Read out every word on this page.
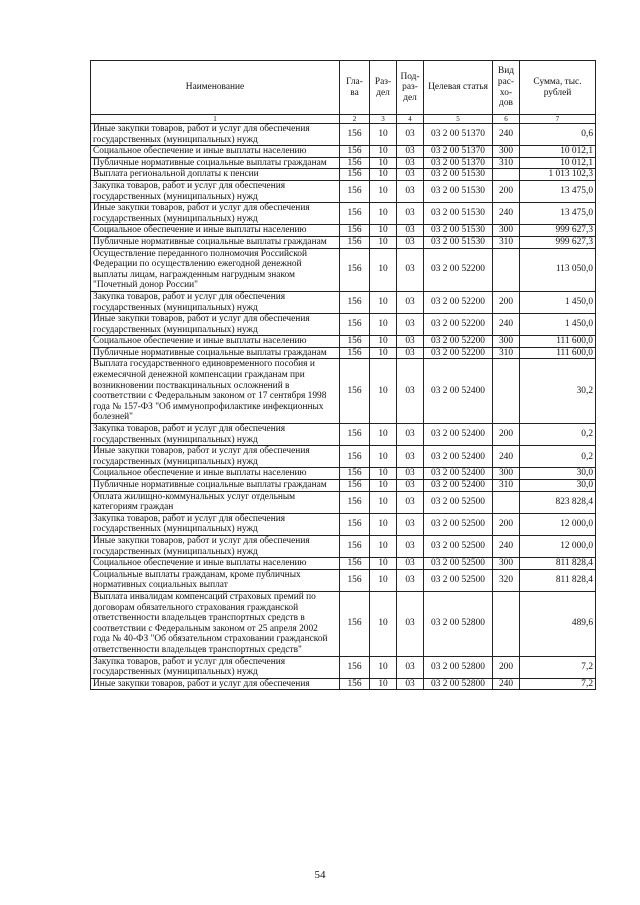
Наименование	Гла-ва	Раз-дел	Под-раз-дел	Целевая статья	Вид рас-хо-дов	Сумма, тыс. рублей
1	2	3	4	5	6	7
Иные закупки товаров, работ и услуг для обеспечения государственных (муниципальных) нужд	156	10	03	03 2 00 51370	240	0,6
Социальное обеспечение и иные выплаты населению	156	10	03	03 2 00 51370	300	10 012,1
Публичные нормативные социальные выплаты гражданам	156	10	03	03 2 00 51370	310	10 012,1
Выплата региональной доплаты к пенсии	156	10	03	03 2 00 51530		1 013 102,3
Закупка товаров, работ и услуг для обеспечения государственных (муниципальных) нужд	156	10	03	03 2 00 51530	200	13 475,0
Иные закупки товаров, работ и услуг для обеспечения государственных (муниципальных) нужд	156	10	03	03 2 00 51530	240	13 475,0
Социальное обеспечение и иные выплаты населению	156	10	03	03 2 00 51530	300	999 627,3
Публичные нормативные социальные выплаты гражданам	156	10	03	03 2 00 51530	310	999 627,3
Осуществление переданного полномочия Российской Федерации по осуществлению ежегодной денежной выплаты лицам, награжденным нагрудным знаком "Почетный донор России"	156	10	03	03 2 00 52200		113 050,0
Закупка товаров, работ и услуг для обеспечения государственных (муниципальных) нужд	156	10	03	03 2 00 52200	200	1 450,0
Иные закупки товаров, работ и услуг для обеспечения государственных (муниципальных) нужд	156	10	03	03 2 00 52200	240	1 450,0
Социальное обеспечение и иные выплаты населению	156	10	03	03 2 00 52200	300	111 600,0
Публичные нормативные социальные выплаты гражданам	156	10	03	03 2 00 52200	310	111 600,0
Выплата государственного единовременного пособия и ежемесячной денежной компенсации гражданам при возникновении поствакцинальных осложнений в соответствии с Федеральным законом от 17 сентября 1998 года № 157-ФЗ "Об иммунопрофилактике инфекционных болезней"	156	10	03	03 2 00 52400		30,2
Закупка товаров, работ и услуг для обеспечения государственных (муниципальных) нужд	156	10	03	03 2 00 52400	200	0,2
Иные закупки товаров, работ и услуг для обеспечения государственных (муниципальных) нужд	156	10	03	03 2 00 52400	240	0,2
Социальное обеспечение и иные выплаты населению	156	10	03	03 2 00 52400	300	30,0
Публичные нормативные социальные выплаты гражданам	156	10	03	03 2 00 52400	310	30,0
Оплата жилищно-коммунальных услуг отдельным категориям граждан	156	10	03	03 2 00 52500		823 828,4
Закупка товаров, работ и услуг для обеспечения государственных (муниципальных) нужд	156	10	03	03 2 00 52500	200	12 000,0
Иные закупки товаров, работ и услуг для обеспечения государственных (муниципальных) нужд	156	10	03	03 2 00 52500	240	12 000,0
Социальное обеспечение и иные выплаты населению	156	10	03	03 2 00 52500	300	811 828,4
Социальные выплаты гражданам, кроме публичных нормативных социальных выплат	156	10	03	03 2 00 52500	320	811 828,4
Выплата инвалидам компенсаций страховых премий по договорам обязательного страхования гражданской ответственности владельцев транспортных средств в соответствии с Федеральным законом от 25 апреля 2002 года № 40-ФЗ "Об обязательном страховании гражданской ответственности владельцев транспортных средств"	156	10	03	03 2 00 52800		489,6
Закупка товаров, работ и услуг для обеспечения государственных (муниципальных) нужд	156	10	03	03 2 00 52800	200	7,2
Иные закупки товаров, работ и услуг для обеспечения	156	10	03	03 2 00 52800	240	7,2
54
